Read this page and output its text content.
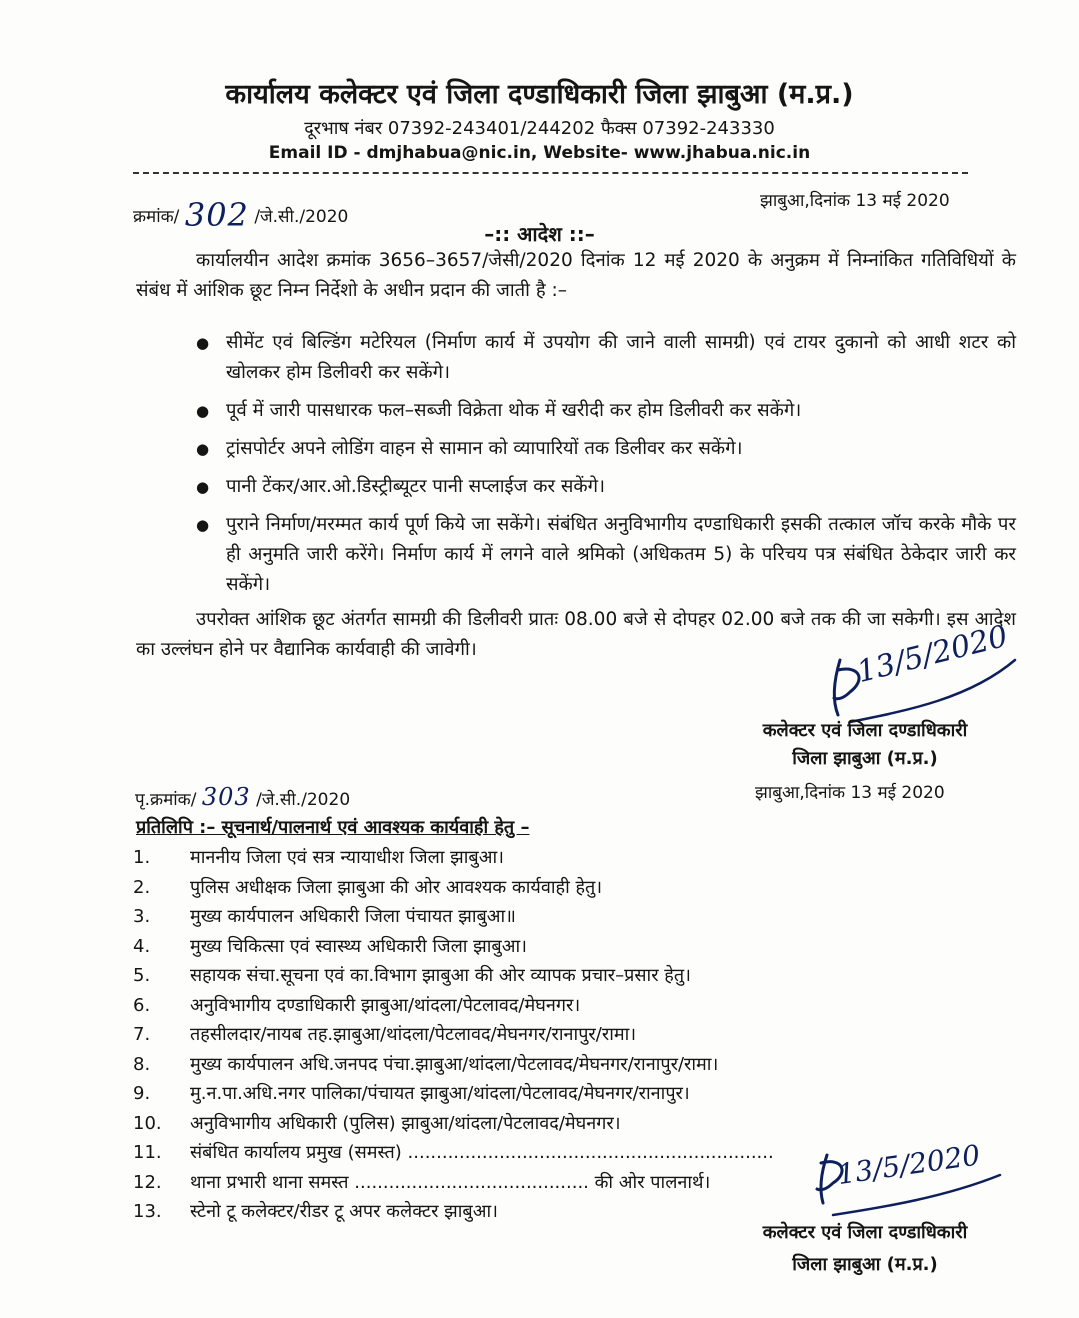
कार्यालय कलेक्टर एवं जिला दण्डाधिकारी जिला झाबुआ (म.प्र.)
दूरभाष नंबर 07392-243401/244202 फैक्स 07392-243330
Email ID - dmjhabua@nic.in, Website- www.jhabua.nic.in
क्रमांक/ 302 /जे.सी./2020
झाबुआ,दिनांक 13 मई 2020
–:: आदेश ::–
कार्यालयीन आदेश क्रमांक 3656–3657/जेसी/2020 दिनांक 12 मई 2020 के अनुक्रम में निम्नांकित गतिविधियों के संबंध में आंशिक छूट निम्न निर्देशो के अधीन प्रदान की जाती है :–
● सीमेंट एवं बिल्डिंग मटेरियल (निर्माण कार्य में उपयोग की जाने वाली सामग्री) एवं टायर दुकानो को आधी शटर को खोलकर होम डिलीवरी कर सकेंगे।
● पूर्व में जारी पासधारक फल–सब्जी विक्रेता थोक में खरीदी कर होम डिलीवरी कर सकेंगे।
● ट्रांसपोर्टर अपने लोडिंग वाहन से सामान को व्यापारियों तक डिलीवर कर सकेंगे।
● पानी टेंकर/आर.ओ.डिस्ट्रीब्यूटर पानी सप्लाईज कर सकेंगे।
● पुराने निर्माण/मरम्मत कार्य पूर्ण किये जा सकेंगे। संबंधित अनुविभागीय दण्डाधिकारी इसकी तत्काल जॉच करके मौके पर ही अनुमति जारी करेंगे। निर्माण कार्य में लगने वाले श्रमिको (अधिकतम 5) के परिचय पत्र संबंधित ठेकेदार जारी कर सकेंगे।
उपरोक्त आंशिक छूट अंतर्गत सामग्री की डिलीवरी प्रातः 08.00 बजे से दोपहर 02.00 बजे तक की जा सकेगी। इस आदेश का उल्लंघन होने पर वैद्यानिक कार्यवाही की जावेगी।	13/5/2020
कलेक्टर एवं जिला दण्डाधिकारी
जिला झाबुआ (म.प्र.)
पृ.क्रमांक/ 303 /जे.सी./2020	झाबुआ,दिनांक 13 मई 2020
प्रतिलिपि :– सूचनार्थ/पालनार्थ एवं आवश्यक कार्यवाही हेतु –
1.	माननीय जिला एवं सत्र न्यायाधीश जिला झाबुआ।
2.	पुलिस अधीक्षक जिला झाबुआ की ओर आवश्यक कार्यवाही हेतु।
3.	मुख्य कार्यपालन अधिकारी जिला पंचायत झाबुआ॥
4.	मुख्य चिकित्सा एवं स्वास्थ्य अधिकारी जिला झाबुआ।
5.	सहायक संचा.सूचना एवं का.विभाग झाबुआ की ओर व्यापक प्रचार–प्रसार हेतु।
6.	अनुविभागीय दण्डाधिकारी झाबुआ/थांदला/पेटलावद/मेघनगर।
7.	तहसीलदार/नायब तह.झाबुआ/थांदला/पेटलावद/मेघनगर/रानापुर/रामा।
8.	मुख्य कार्यपालन अधि.जनपद पंचा.झाबुआ/थांदला/पेटलावद/मेघनगर/रानापुर/रामा।
9.	मु.न.पा.अधि.नगर पालिका/पंचायत झाबुआ/थांदला/पेटलावद/मेघनगर/रानापुर।
10.	अनुविभागीय अधिकारी (पुलिस) झाबुआ/थांदला/पेटलावद/मेघनगर।
11.	संबंधित कार्यालय प्रमुख (समस्त) ................................................................
12.	थाना प्रभारी थाना समस्त ......................................... की ओर पालनार्थ।
13.	स्टेनो टू कलेक्टर/रीडर टू अपर कलेक्टर झाबुआ।
13/5/2020
कलेक्टर एवं जिला दण्डाधिकारी
जिला झाबुआ (म.प्र.)
